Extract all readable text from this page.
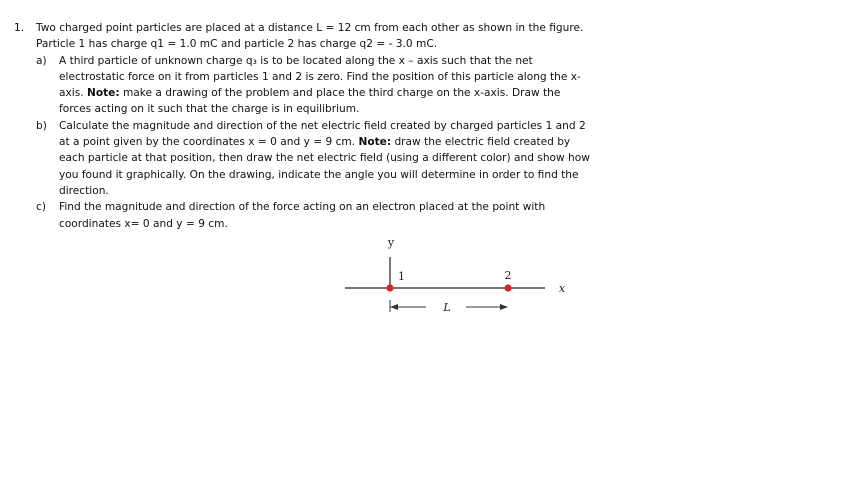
1.	Two charged point particles are placed at a distance L = 12 cm from each other as shown in the figure. Particle 1 has charge q1 = 1.0 mC and particle 2 has charge q2 = - 3.0 mC.
a)	A third particle of unknown charge q₃ is to be located along the x – axis such that the net electrostatic force on it from particles 1 and 2 is zero. Find the position of this particle along the x-axis. Note: make a drawing of the problem and place the third charge on the x-axis. Draw the forces acting on it such that the charge is in equilibrium.
b)	Calculate the magnitude and direction of the net electric field created by charged particles 1 and 2 at a point given by the coordinates x = 0 and y = 9 cm. Note: draw the electric field created by each particle at that position, then draw the net electric field (using a different color) and show how you found it graphically. On the drawing, indicate the angle you will determine in order to find the direction.
c)	Find the magnitude and direction of the force acting on an electron placed at the point with coordinates x= 0 and y = 9 cm.
y
x
1	2
L
